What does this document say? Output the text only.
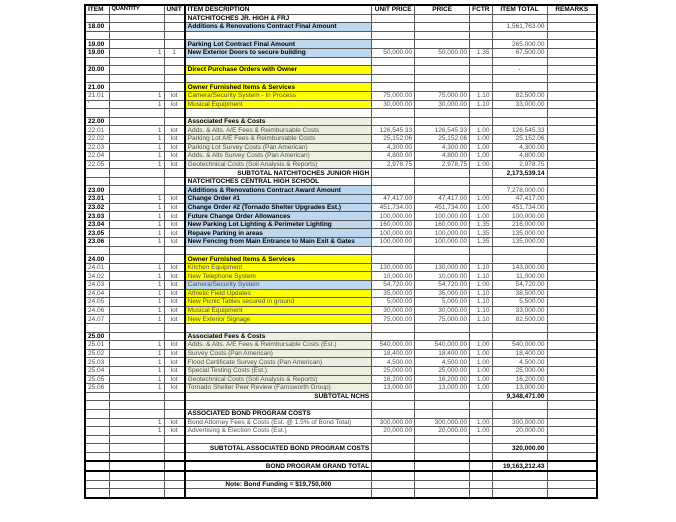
ITEM	QUANTITY	UNIT	ITEM DESCRIPTION	UNIT PRICE	PRICE	FCTR	ITEM TOTAL	REMARKS
			NATCHITOCHES JR. HIGH & FRJ					
18.00			Additions & Renovations Contract Final Amount				1,561,763.00	

19.00			Parking Lot Contract Final Amount				265,000.00	
19.00	1	1	New Exterior Doors to secure building	50,000.00	50,000.00	1.35	67,500.00	

20.00			Direct Purchase Orders with Owner				-	

21.00			Owner Furnished Items & Services					
21.01	1	lot	Camera/Security System - In Process	75,000.00	75,000.00	1.10	82,500.00	
'	1	lot	Musical Equipment	30,000.00	30,000.00	1.10	33,000.00	

22.00			Associated Fees & Costs					
22.01	1	lot	Adds. & Alts. A/E Fees & Reimbursable Costs	126,545.33	126,545.33	1.00	126,545.33	
22.02	1	lot	Parking Lot A/E Fees & Reimbursable Costs	25,152.06	25,152.06	1.00	25,152.06	
22.03	1	lot	Parking Lot Survey Costs (Pan American)	4,300.00	4,300.00	1.00	4,300.00	
22.04	1	lot	Adds. & Alts Survey Costs (Pan American)	4,800.00	4,800.00	1.00	4,800.00	
22.05	1	lot	Geotechnical Costs (Soil Analysis & Reports)	2,978.75	2,978.75	1.00	2,978.75	
			SUBTOTAL NATCHITOCHES JUNIOR HIGH				2,173,539.14	
			NATCHITOCHES CENTRAL HIGH SCHOOL					
23.00			Additions & Renovations Contract Award Amount				7,278,000.00	
23.01	1	lot	Change Order #1	47,417.00	47,417.00	1.00	47,417.00	
23.02	1	lot	Change Order #2 (Tornado Shelter Upgrades Est.)	451,734.00	451,734.00	1.00	451,734.00	
23.03	1	lot	Future Change Order Allowances	100,000.00	100,000.00	1.00	100,000.00	
23.04	1	lot	New Parking Lot Lighting & Perimeter Lighting	160,000.00	160,000.00	1.35	216,000.00	
23.05	1	lot	Repave Parking in areas	100,000.00	100,000.00	1.35	135,000.00	
23.06	1	lot	New Fencing from Main Entrance to Main Exit & Gates	100,000.00	100,000.00	1.35	135,000.00	

24.00			Owner Furnished Items & Services					
24.01	1	lot	Kitchen Equipment	130,000.00	130,000.00	1.10	143,000.00	
24.02	1	lot	New Telephone System	10,000.00	10,000.00	1.10	11,000.00	
24.03	1	lot	Camera/Security System	54,720.00	54,720.00	1.00	54,720.00	
24.04	1	lot	Athletic Field Updates	35,000.00	35,000.00	1.10	38,500.00	
24.05	1	lot	New Picnic Tables secured in ground	5,000.00	5,000.00	1.10	5,500.00	
24.06	1	lot	Musical Equipment	30,000.00	30,000.00	1.10	33,000.00	
24.07	1	lot	New Exterior Signage	75,000.00	75,000.00	1.10	82,500.00	

25.00			Associated Fees & Costs					
25.01	1	lot	Adds. & Alts. A/E Fees & Reimbursable Costs (Est.)	540,000.00	540,000.00	1.00	540,000.00	
25.02	1	lot	Survey Costs (Pan American)	18,400.00	18,400.00	1.00	18,400.00	
25.03	1	lot	Flood Certificate Survey Costs (Pan American)	4,500.00	4,500.00	1.00	4,500.00	
25.04	1	lot	Special Testing Costs (Est.)	25,000.00	25,000.00	1.00	25,000.00	
25.05	1	lot	Geotechnical Costs (Soil Analysis & Reports)	16,200.00	16,200.00	1.00	16,200.00	
25.06	1	lot	Tornado Shelter Peer Review (Farnsworth Group)	13,000.00	13,000.00	1.00	13,000.00	
			SUBTOTAL NCHS				9,348,471.00	

			ASSOCIATED BOND PROGRAM COSTS					
	1	lot	Bond Attorney Fees & Costs (Est. @ 1.5% of Bond Total)	300,000.00	300,000.00	1.00	300,000.00	
	1	lot	Advertising & Election Costs (Est.)	20,000.00	20,000.00	1.00	20,000.00	

			SUBTOTAL ASSOCIATED BOND PROGRAM COSTS				320,000.00	

			BOND PROGRAM GRAND TOTAL				19,163,212.43	

			Note: Bond Funding = $19,750,000					
